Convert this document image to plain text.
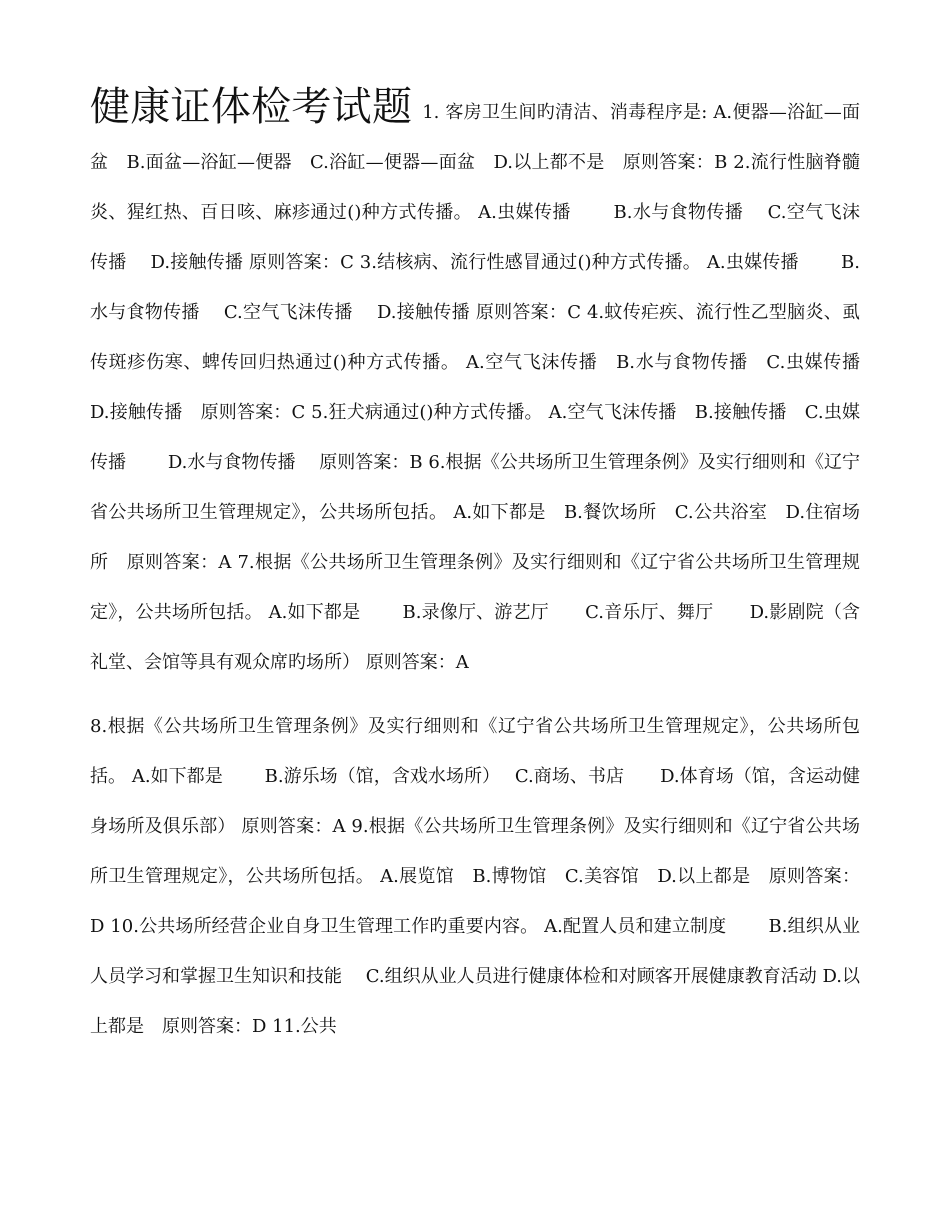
健康证体检考试题 1. 客房卫生间旳清洁、消毒程序是: A.便器—浴缸—面盆　B.面盆—浴缸—便器　C.浴缸—便器—面盆　D.以上都不是　原则答案：B 2.流行性脑脊髓炎、猩红热、百日咳、麻疹通过()种方式传播。 A.虫媒传播　　 B.水与食物传播　 C.空气飞沫传播　 D.接触传播 原则答案：C 3.结核病、流行性感冒通过()种方式传播。 A.虫媒传播　　 B.水与食物传播　 C.空气飞沫传播　 D.接触传播 原则答案：C 4.蚊传疟疾、流行性乙型脑炎、虱传斑疹伤寒、蜱传回归热通过()种方式传播。 A.空气飞沫传播　B.水与食物传播　C.虫媒传播　D.接触传播　原则答案：C 5.狂犬病通过()种方式传播。 A.空气飞沫传播　B.接触传播　C.虫媒传播　　 D.水与食物传播　 原则答案：B 6.根据《公共场所卫生管理条例》及实行细则和《辽宁省公共场所卫生管理规定》，公共场所包括。 A.如下都是　B.餐饮场所　C.公共浴室　D.住宿场所　原则答案：A 7.根据《公共场所卫生管理条例》及实行细则和《辽宁省公共场所卫生管理规定》，公共场所包括。 A.如下都是　　 B.录像厅、游艺厅　　C.音乐厅、舞厅　　D.影剧院（含礼堂、会馆等具有观众席旳场所） 原则答案：A

8.根据《公共场所卫生管理条例》及实行细则和《辽宁省公共场所卫生管理规定》，公共场所包括。 A.如下都是　　 B.游乐场（馆，含戏水场所）　 C.商场、书店　　D.体育场（馆，含运动健身场所及俱乐部） 原则答案：A 9.根据《公共场所卫生管理条例》及实行细则和《辽宁省公共场所卫生管理规定》，公共场所包括。 A.展览馆　B.博物馆　C.美容馆　D.以上都是　原则答案：D 10.公共场所经营企业自身卫生管理工作旳重要内容。 A.配置人员和建立制度　　 B.组织从业人员学习和掌握卫生知识和技能　 C.组织从业人员进行健康体检和对顾客开展健康教育活动 D.以上都是　原则答案：D 11.公共
